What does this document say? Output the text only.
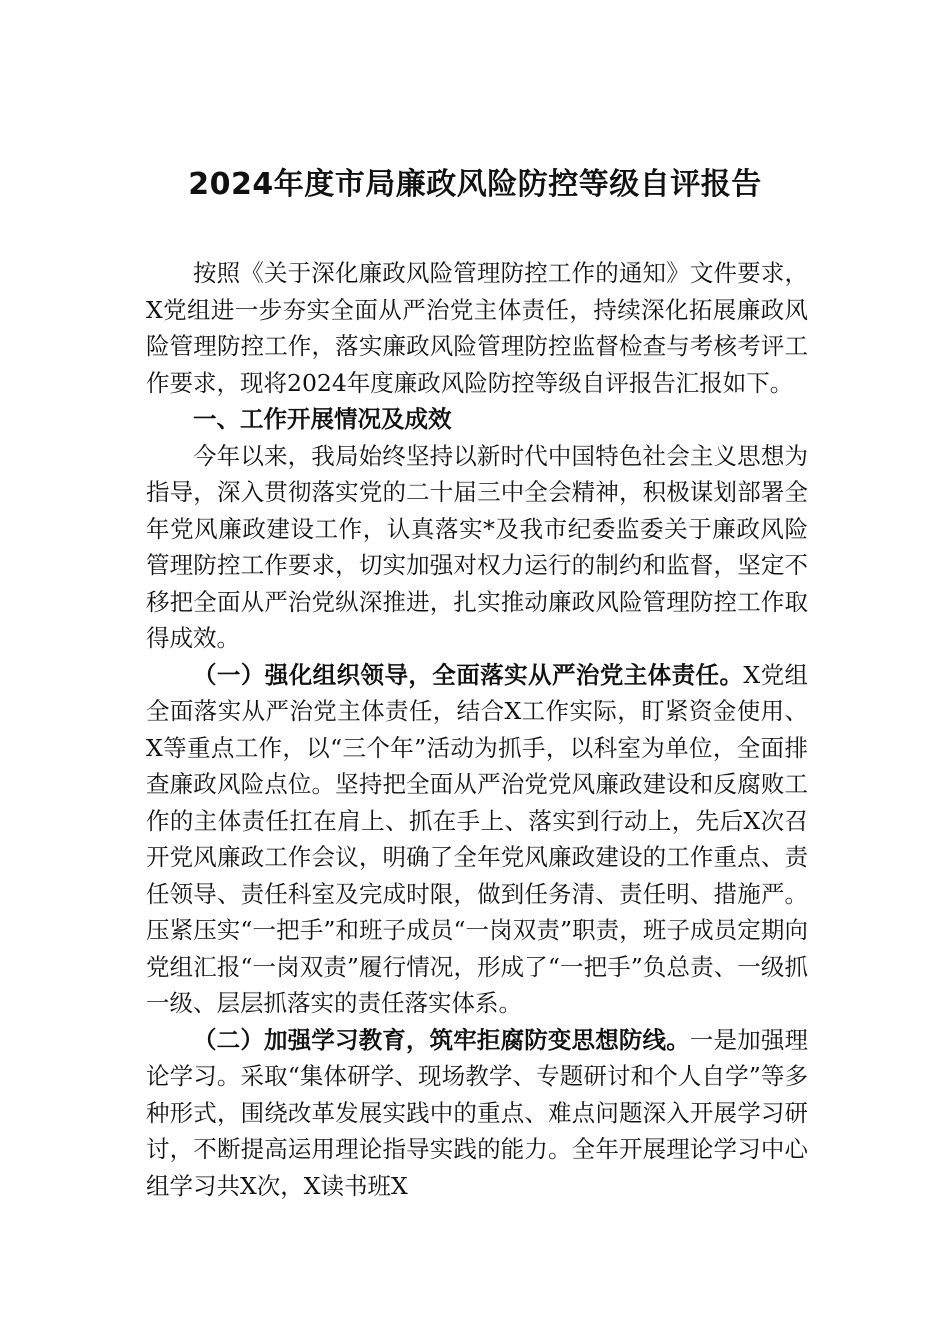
2024年度市局廉政风险防控等级自评报告

按照《关于深化廉政风险管理防控工作的通知》文件要求，X党组进一步夯实全面从严治党主体责任，持续深化拓展廉政风险管理防控工作，落实廉政风险管理防控监督检查与考核考评工作要求，现将2024年度廉政风险防控等级自评报告汇报如下。

一、工作开展情况及成效

今年以来，我局始终坚持以新时代中国特色社会主义思想为指导，深入贯彻落实党的二十届三中全会精神，积极谋划部署全年党风廉政建设工作，认真落实*及我市纪委监委关于廉政风险管理防控工作要求，切实加强对权力运行的制约和监督，坚定不移把全面从严治党纵深推进，扎实推动廉政风险管理防控工作取得成效。

（一）强化组织领导，全面落实从严治党主体责任。X党组全面落实从严治党主体责任，结合X工作实际，盯紧资金使用、X等重点工作，以“三个年”活动为抓手，以科室为单位，全面排查廉政风险点位。坚持把全面从严治党党风廉政建设和反腐败工作的主体责任扛在肩上、抓在手上、落实到行动上，先后X次召开党风廉政工作会议，明确了全年党风廉政建设的工作重点、责任领导、责任科室及完成时限，做到任务清、责任明、措施严。压紧压实“一把手”和班子成员“一岗双责”职责，班子成员定期向党组汇报“一岗双责”履行情况，形成了“一把手”负总责、一级抓一级、层层抓落实的责任落实体系。

（二）加强学习教育，筑牢拒腐防变思想防线。一是加强理论学习。采取“集体研学、现场教学、专题研讨和个人自学”等多种形式，围绕改革发展实践中的重点、难点问题深入开展学习研讨，不断提高运用理论指导实践的能力。全年开展理论学习中心组学习共X次，X读书班X
